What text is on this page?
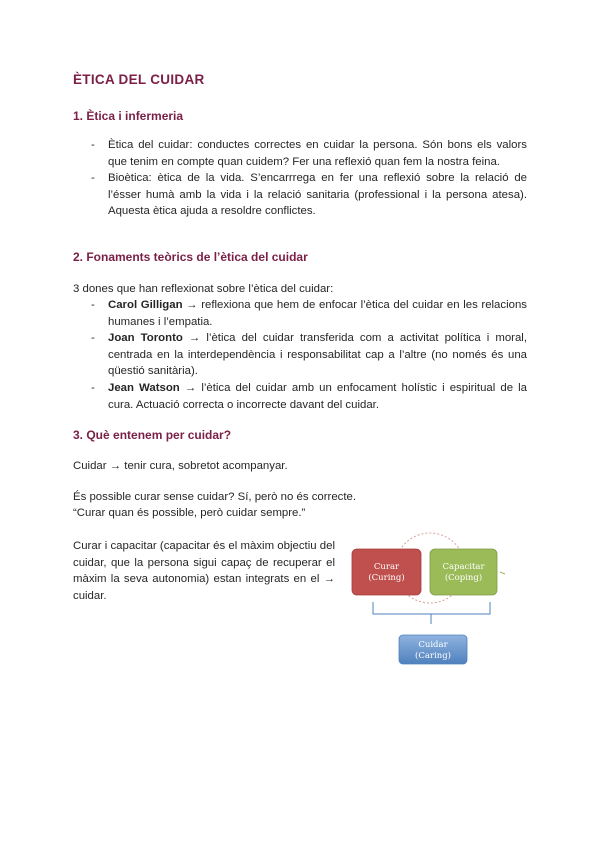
ÈTICA DEL CUIDAR
1. Ètica i infermeria
- Ètica del cuidar: conductes correctes en cuidar la persona. Són bons els valors que tenim en compte quan cuidem? Fer una reflexió quan fem la nostra feina.
- Bioètica: ètica de la vida. S’encarrrega en fer una reflexió sobre la relació de l’ésser humà amb la vida i la relació sanitaria (professional i la persona atesa). Aquesta ètica ajuda a resoldre conflictes.
2. Fonaments teòrics de l’ètica del cuidar
3 dones que han reflexionat sobre l’ètica del cuidar:
- Carol Gilligan → reflexiona que hem de enfocar l’ètica del cuidar en les relacions humanes i l’empatia.
- Joan Toronto → l’ètica del cuidar transferida com a activitat política i moral, centrada en la interdependència i responsabilitat cap a l’altre (no només és una qüestió sanitària).
- Jean Watson → l’ètica del cuidar amb un enfocament holístic i espiritual de la cura. Actuació correcta o incorrecte davant del cuidar.
3. Què entenem per cuidar?
Cuidar → tenir cura, sobretot acompanyar.
És possible curar sense cuidar? Sí, però no és correcte.
“Curar quan és possible, però cuidar sempre.”
Curar i capacitar (capacitar és el màxim objectiu del cuidar, que la persona sigui capaç de recuperar el màxim la seva autonomia) estan integrats en el → cuidar.
Curar
(Curing)
Capacitar
(Coping)
Cuidar
(Caring)
